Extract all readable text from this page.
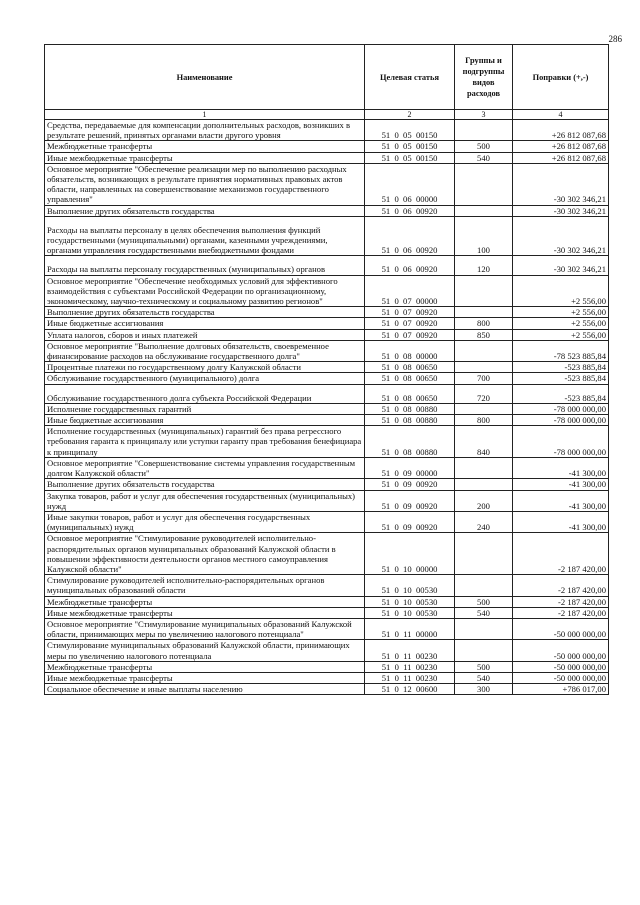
286
Наименование	Целевая статья	Группы и подгруппы видов расходов	Поправки (+,-)
1	2	3	4
Средства, передаваемые для компенсации дополнительных расходов, возникших в результате решений, принятых органами власти другого уровня	51  0  05  00150		+26 812 087,68
Межбюджетные трансферты	51  0  05  00150	500	+26 812 087,68
Иные межбюджетные трансферты	51  0  05  00150	540	+26 812 087,68
Основное мероприятие "Обеспечение реализации мер по выполнению расходных обязательств, возникающих в результате принятия нормативных правовых актов области, направленных на совершенствование механизмов государственного управления"	51  0  06  00000		-30 302 346,21
Выполнение других обязательств государства	51  0  06  00920		-30 302 346,21
Расходы на выплаты персоналу в целях обеспечения выполнения функций государственными (муниципальными) органами, казенными учреждениями, органами управления государственными внебюджетными фондами	51  0  06  00920	100	-30 302 346,21
Расходы на выплаты персоналу государственных (муниципальных) органов	51  0  06  00920	120	-30 302 346,21
Основное мероприятие "Обеспечение необходимых условий для эффективного взаимодействия с субъектами Российской Федерации по организационному, экономическому, научно-техническому и социальному развитию регионов"	51  0  07  00000		+2 556,00
Выполнение других обязательств государства	51  0  07  00920		+2 556,00
Иные бюджетные ассигнования	51  0  07  00920	800	+2 556,00
Уплата налогов, сборов и иных платежей	51  0  07  00920	850	+2 556,00
Основное мероприятие "Выполнение долговых обязательств, своевременное финансирование расходов на обслуживание государственного долга"	51  0  08  00000		-78 523 885,84
Процентные платежи по государственному долгу Калужской области	51  0  08  00650		-523 885,84
Обслуживание государственного (муниципального) долга	51  0  08  00650	700	-523 885,84
Обслуживание государственного долга субъекта Российской Федерации	51  0  08  00650	720	-523 885,84
Исполнение государственных гарантий	51  0  08  00880		-78 000 000,00
Иные бюджетные ассигнования	51  0  08  00880	800	-78 000 000,00
Исполнение государственных (муниципальных) гарантий без права регрессного требования гаранта к принципалу или уступки гаранту прав требования бенефициара к принципалу	51  0  08  00880	840	-78 000 000,00
Основное мероприятие "Совершенствование системы управления государственным долгом Калужской области"	51  0  09  00000		-41 300,00
Выполнение других обязательств государства	51  0  09  00920		-41 300,00
Закупка товаров, работ и услуг для обеспечения государственных (муниципальных) нужд	51  0  09  00920	200	-41 300,00
Иные закупки товаров, работ и услуг для обеспечения государственных (муниципальных) нужд	51  0  09  00920	240	-41 300,00
Основное мероприятие "Стимулирование руководителей исполнительно-распорядительных органов муниципальных образований Калужской области в повышении эффективности деятельности органов местного самоуправления Калужской области"	51  0  10  00000		-2 187 420,00
Стимулирование руководителей исполнительно-распорядительных органов муниципальных образований области	51  0  10  00530		-2 187 420,00
Межбюджетные трансферты	51  0  10  00530	500	-2 187 420,00
Иные межбюджетные трансферты	51  0  10  00530	540	-2 187 420,00
Основное мероприятие "Стимулирование муниципальных образований Калужской области, принимающих меры по увеличению налогового потенциала"	51  0  11  00000		-50 000 000,00
Стимулирование муниципальных образований Калужской области, принимающих меры по увеличению налогового потенциала	51  0  11  00230		-50 000 000,00
Межбюджетные трансферты	51  0  11  00230	500	-50 000 000,00
Иные межбюджетные трансферты	51  0  11  00230	540	-50 000 000,00
Социальное обеспечение и иные выплаты населению	51  0  12  00600	300	+786 017,00
